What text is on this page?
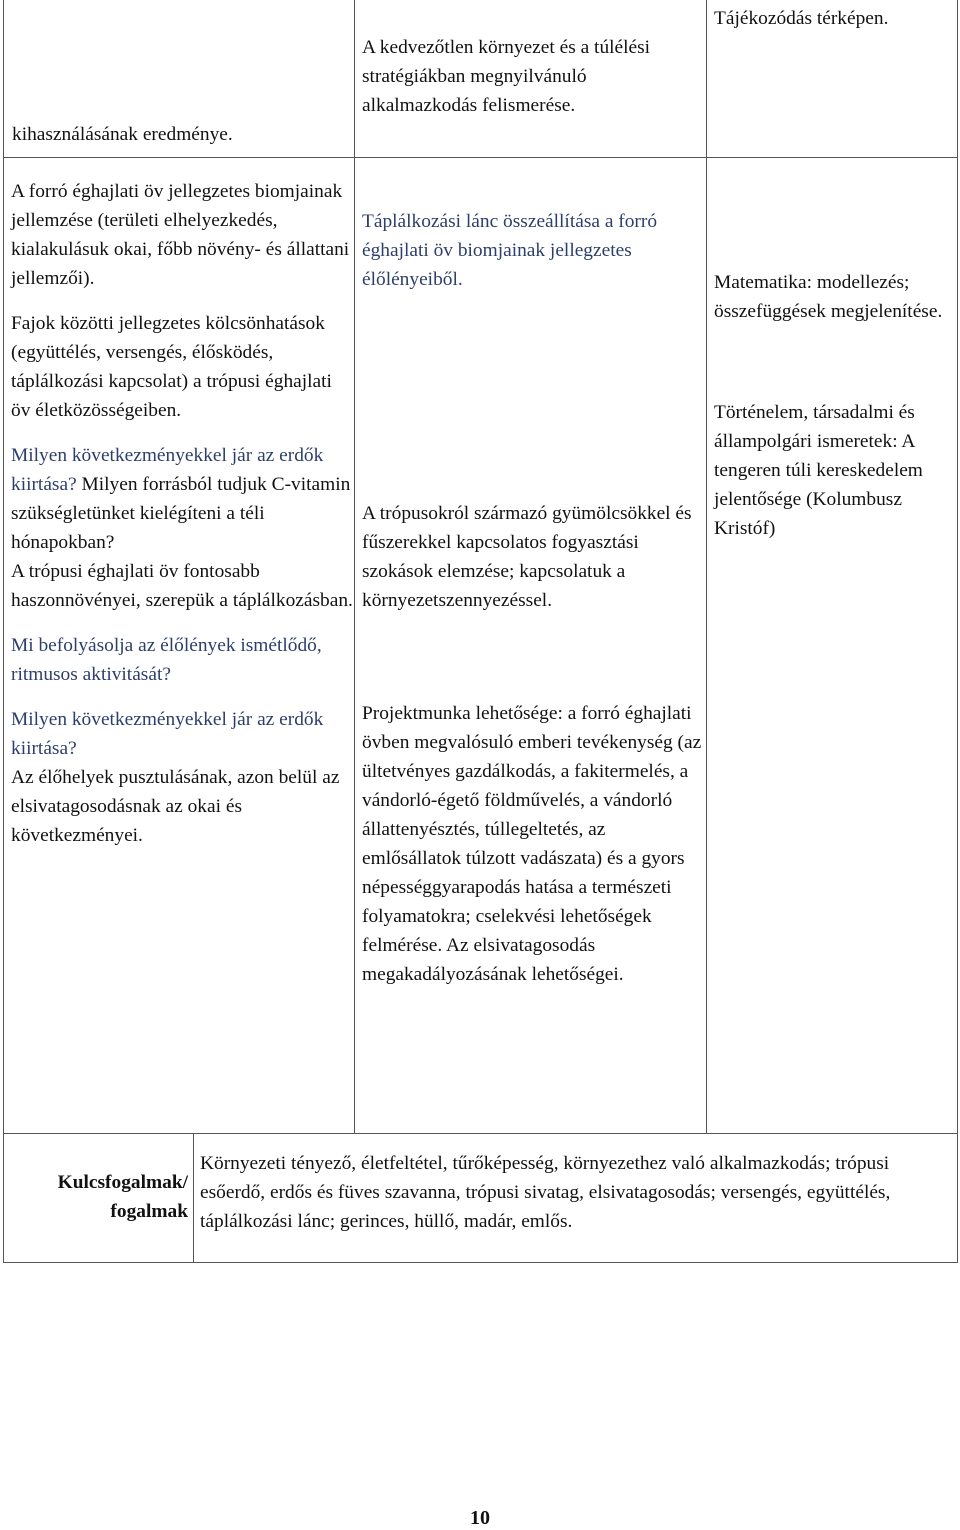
kihasználásának eredménye.

A forró éghajlati öv jellegzetes biomjainak jellemzése (területi elhelyezkedés, kialakulásuk okai, főbb növény- és állattani jellemzői).

Fajok közötti jellegzetes kölcsönhatások (együttélés, versengés, élősködés, táplálkozási kapcsolat) a trópusi éghajlati öv életközösségeiben.

Milyen következményekkel jár az erdők kiirtása? Milyen forrásból tudjuk C-vitamin szükségletünket kielégíteni a téli hónapokban?

A trópusi éghajlati öv fontosabb haszonnövényei, szerepük a táplálkozásban.

Mi befolyásolja az élőlények ismétlődő, ritmusos aktivitását?

Milyen következményekkel jár az erdők kiirtása?

Az élőhelyek pusztulásának, azon belül az elsivatagosodásnak az okai és következményei.

A kedvezőtlen környezet és a túlélési stratégiákban megnyilvánuló alkalmazkodás felismerése.

Táplálkozási lánc összeállítása a forró éghajlati öv biomjainak jellegzetes élőlényeiből.

A trópusokról származó gyümölcsökkel és fűszerekkel kapcsolatos fogyasztási szokások elemzése; kapcsolatuk a környezetszennyezéssel.

Projektmunka lehetősége: a forró éghajlati övben megvalósuló emberi tevékenység (az ültetvényes gazdálkodás, a fakitermelés, a vándorló-égető földművelés, a vándorló állattenyésztés, túllegeltetés, az emlősállatok túlzott vadászata) és a gyors népességgyarapodás hatása a természeti folyamatokra; cselekvési lehetőségek felmérése. Az elsivatagosodás megakadályozásának lehetőségei.

Tájékozódás térképen.

Matematika: modellezés; összefüggések megjelenítése.

Történelem, társadalmi és állampolgári ismeretek: A tengeren túli kereskedelem jelentősége (Kolumbusz Kristóf)

Kulcsfogalmak/
fogalmak
Környezeti tényező, életfeltétel, tűrőképesség, környezethez való alkalmazkodás; trópusi esőerdő, erdős és füves szavanna, trópusi sivatag, elsivatagosodás; versengés, együttélés, táplálkozási lánc; gerinces, hüllő, madár, emlős.
10
